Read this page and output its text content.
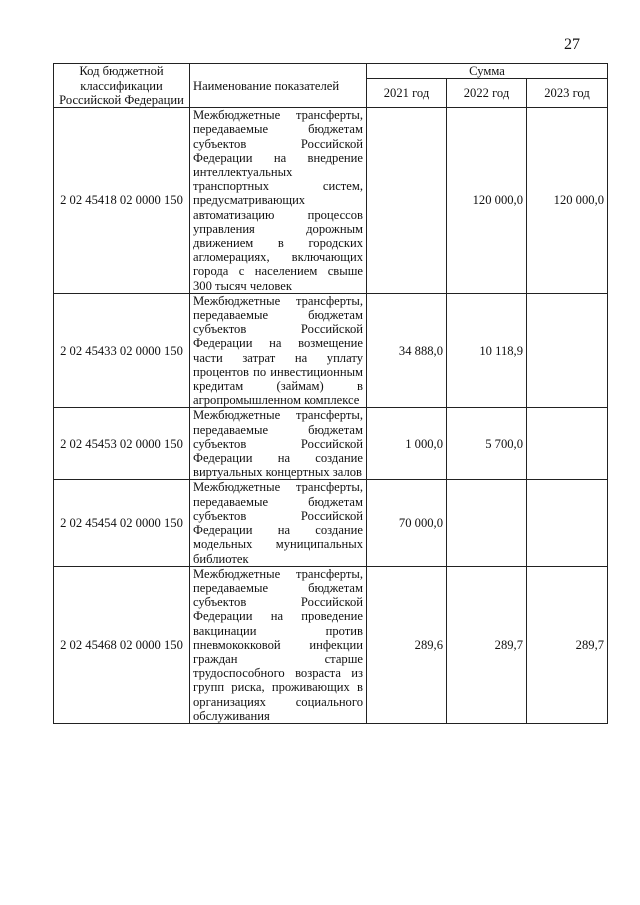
27
Код бюджетной классификации Российской Федерации	Наименование показателей	Сумма		
		2021 год	2022 год	2023 год
2 02 45418 02 0000 150	Межбюджетные трансферты, передаваемые бюджетам субъектов Российской Федерации на внедрение интеллектуальных транспортных систем, предусматривающих автоматизацию процессов управления дорожным движением в городских агломерациях, включающих города с населением свыше 300 тысяч человек		120 000,0	120 000,0
2 02 45433 02 0000 150	Межбюджетные трансферты, передаваемые бюджетам субъектов Российской Федерации на возмещение части затрат на уплату процентов по инвестиционным кредитам (займам) в агропромышленном комплексе	34 888,0	10 118,9	
2 02 45453 02 0000 150	Межбюджетные трансферты, передаваемые бюджетам субъектов Российской Федерации на создание виртуальных концертных залов	1 000,0	5 700,0	
2 02 45454 02 0000 150	Межбюджетные трансферты, передаваемые бюджетам субъектов Российской Федерации на создание модельных муниципальных библиотек	70 000,0		
2 02 45468 02 0000 150	Межбюджетные трансферты, передаваемые бюджетам субъектов Российской Федерации на проведение вакцинации против пневмококковой инфекции граждан старше трудоспособного возраста из групп риска, проживающих в организациях социального обслуживания	289,6	289,7	289,7
